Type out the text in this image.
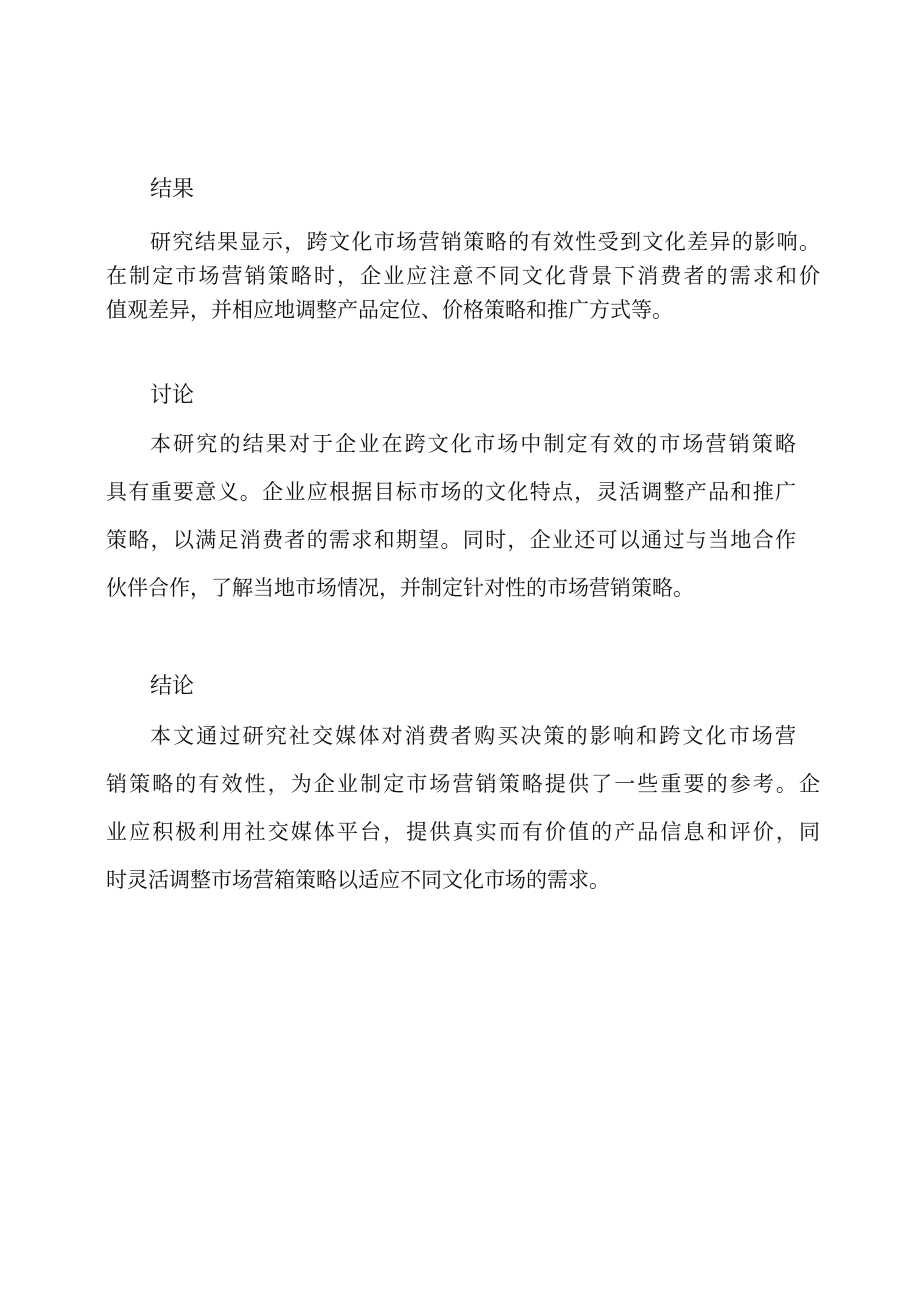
结果

研究结果显示，跨文化市场营销策略的有效性受到文化差异的影响。

在制定市场营销策略时，企业应注意不同文化背景下消费者的需求和价

值观差异，并相应地调整产品定位、价格策略和推广方式等。

讨论

本研究的结果对于企业在跨文化市场中制定有效的市场营销策略

具有重要意义。企业应根据目标市场的文化特点，灵活调整产品和推广

策略，以满足消费者的需求和期望。同时，企业还可以通过与当地合作

伙伴合作，了解当地市场情况，并制定针对性的市场营销策略。

结论

本文通过研究社交媒体对消费者购买决策的影响和跨文化市场营

销策略的有效性，为企业制定市场营销策略提供了一些重要的参考。企

业应积极利用社交媒体平台，提供真实而有价值的产品信息和评价，同

时灵活调整市场营箱策略以适应不同文化市场的需求。
